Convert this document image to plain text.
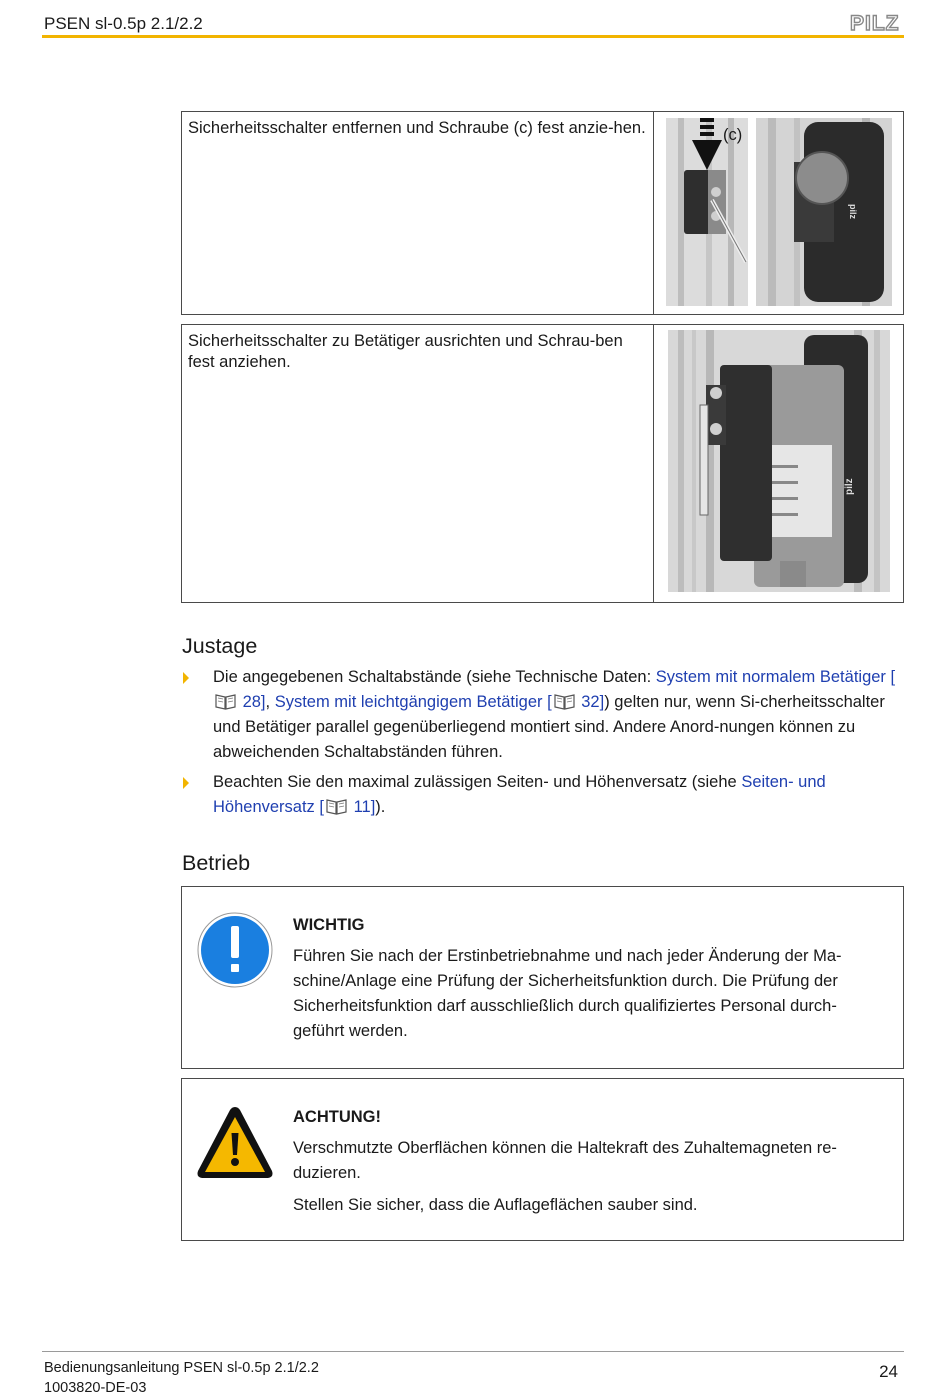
PSEN sl-0.5p 2.1/2.2	PILZ
Sicherheitsschalter entfernen und Schraube (c) fest anzie-hen.
pilz
(c)
Sicherheitsschalter zu Betätiger ausrichten und Schrau-ben fest anziehen.
pilz
Justage
Die angegebenen Schaltabstände (siehe Technische Daten: System mit normalem Betätiger [ 28], System mit leichtgängigem Betätiger [ 32]) gelten nur, wenn Si-cherheitsschalter und Betätiger parallel gegenüberliegend montiert sind. Andere Anord-nungen können zu abweichenden Schaltabständen führen.
Beachten Sie den maximal zulässigen Seiten- und Höhenversatz (siehe Seiten- und Höhenversatz [ 11]).
Betrieb
WICHTIG

Führen Sie nach der Erstinbetriebnahme und nach jeder Änderung der Ma-schine/Anlage eine Prüfung der Sicherheitsfunktion durch. Die Prüfung der Sicherheitsfunktion darf ausschließlich durch qualifiziertes Personal durch-geführt werden.

ACHTUNG!

Verschmutzte Oberflächen können die Haltekraft des Zuhaltemagneten re-duzieren.

Stellen Sie sicher, dass die Auflageflächen sauber sind.

Bedienungsanleitung PSEN sl-0.5p 2.1/2.2
1003820-DE-03
24
